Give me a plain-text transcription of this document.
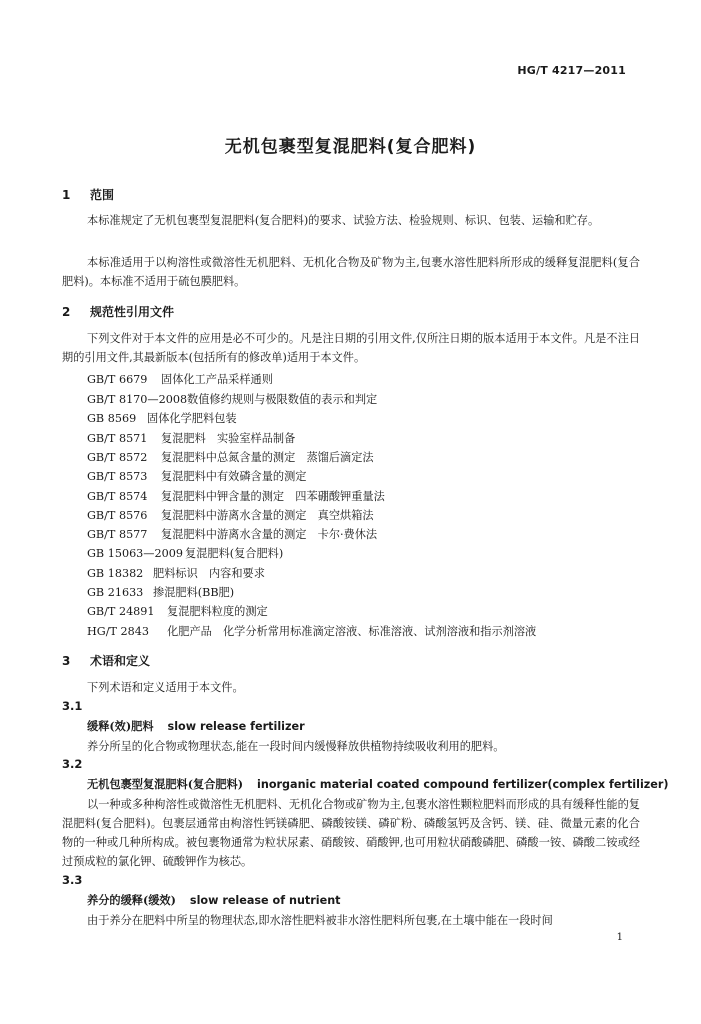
HG/T 4217—2011
无机包裹型复混肥料(复合肥料)
1 范围
本标准规定了无机包裹型复混肥料(复合肥料)的要求、试验方法、检验规则、标识、包装、运输和贮存。
本标准适用于以枸溶性或微溶性无机肥料、无机化合物及矿物为主,包裹水溶性肥料所形成的缓释复混肥料(复合肥料)。本标准不适用于硫包膜肥料。
2 规范性引用文件
下列文件对于本文件的应用是必不可少的。凡是注日期的引用文件,仅所注日期的版本适用于本文件。凡是不注日期的引用文件,其最新版本(包括所有的修改单)适用于本文件。
GB/T 6679 固体化工产品采样通则
GB/T 8170—2008数值修约规则与极限数值的表示和判定
GB 8569 固体化学肥料包装
GB/T 8571 复混肥料　实验室样品制备
GB/T 8572 复混肥料中总氮含量的测定　蒸馏后滴定法
GB/T 8573 复混肥料中有效磷含量的测定
GB/T 8574 复混肥料中钾含量的测定　四苯硼酸钾重量法
GB/T 8576 复混肥料中游离水含量的测定　真空烘箱法
GB/T 8577 复混肥料中游离水含量的测定　卡尔·费休法
GB 15063—2009 复混肥料(复合肥料)
GB 18382 肥料标识　内容和要求
GB 21633 掺混肥料(BB肥)
GB/T 24891 复混肥料粒度的测定
HG/T 2843 化肥产品　化学分析常用标准滴定溶液、标准溶液、试剂溶液和指示剂溶液
3 术语和定义
下列术语和定义适用于本文件。
3.1
缓释(效)肥料 slow release fertilizer
养分所呈的化合物或物理状态,能在一段时间内缓慢释放供植物持续吸收利用的肥料。
3.2
无机包裹型复混肥料(复合肥料) inorganic material coated compound fertilizer(complex fertilizer)
以一种或多种枸溶性或微溶性无机肥料、无机化合物或矿物为主,包裹水溶性颗粒肥料而形成的具有缓释性能的复混肥料(复合肥料)。包裹层通常由枸溶性钙镁磷肥、磷酸铵镁、磷矿粉、磷酸氢钙及含钙、镁、硅、微量元素的化合物的一种或几种所构成。被包裹物通常为粒状尿素、硝酸铵、硝酸钾,也可用粒状硝酸磷肥、磷酸一铵、磷酸二铵或经过预成粒的氯化钾、硫酸钾作为核芯。
3.3
养分的缓释(缓效) slow release of nutrient
由于养分在肥料中所呈的物理状态,即水溶性肥料被非水溶性肥料所包裹,在土壤中能在一段时间
1
